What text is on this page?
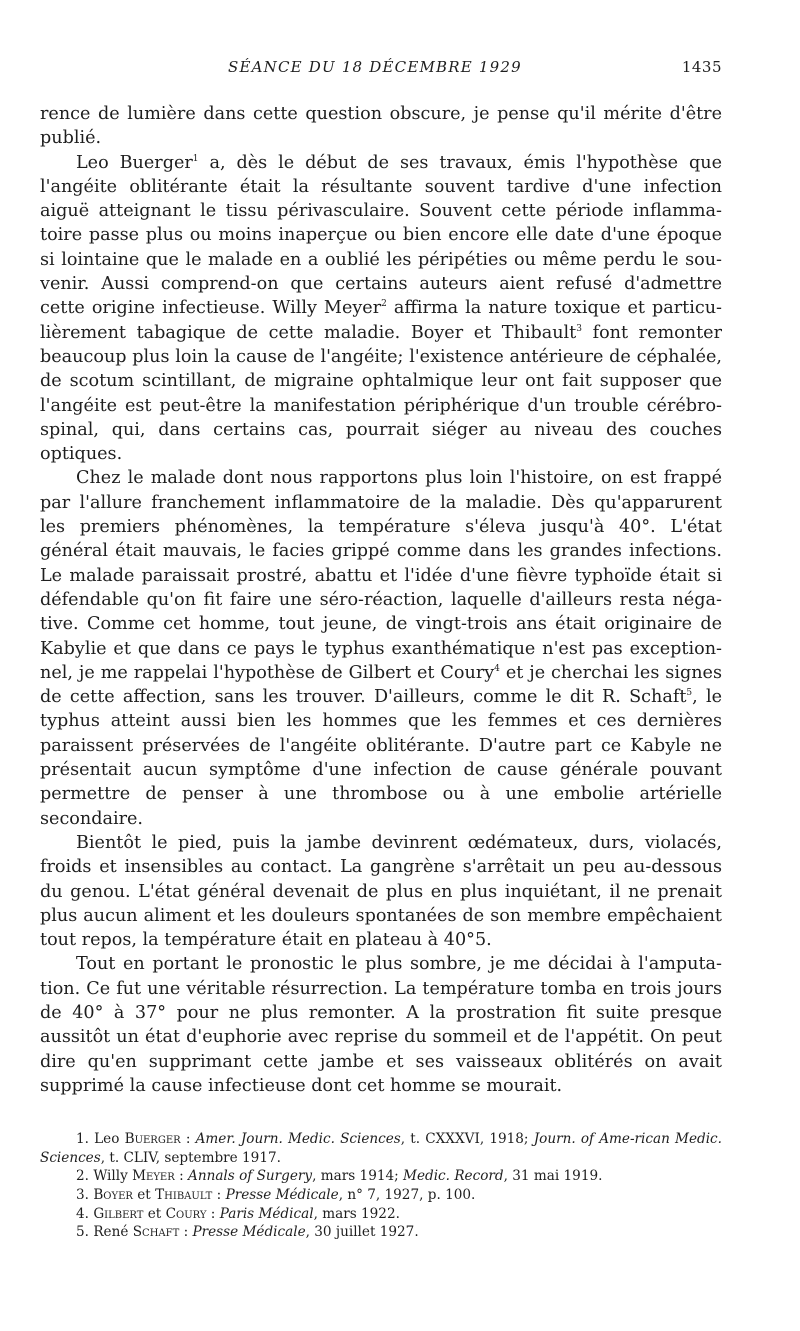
SÉANCE DU 18 DÉCEMBRE 1929	1435

rence de lumière dans cette question obscure, je pense qu'il mérite d'être publié.

Leo Buerger$^1$ a, dès le début de ses travaux, émis l'hypothèse que l'angéite oblitérante était la résultante souvent tardive d'une infection aiguë atteignant le tissu périvasculaire. Souvent cette période inflamma-toire passe plus ou moins inaperçue ou bien encore elle date d'une époque si lointaine que le malade en a oublié les péripéties ou même perdu le sou-venir. Aussi comprend-on que certains auteurs aient refusé d'admettre cette origine infectieuse. Willy Meyer$^2$ affirma la nature toxique et particu-lièrement tabagique de cette maladie. Boyer et Thibault$^3$ font remonter beaucoup plus loin la cause de l'angéite; l'existence antérieure de céphalée, de scotum scintillant, de migraine ophtalmique leur ont fait supposer que l'angéite est peut-être la manifestation périphérique d'un trouble cérébro-spinal, qui, dans certains cas, pourrait siéger au niveau des couches optiques.

Chez le malade dont nous rapportons plus loin l'histoire, on est frappé par l'allure franchement inflammatoire de la maladie. Dès qu'apparurent les premiers phénomènes, la température s'éleva jusqu'à 40°. L'état général était mauvais, le facies grippé comme dans les grandes infections. Le malade paraissait prostré, abattu et l'idée d'une fièvre typhoïde était si défendable qu'on fit faire une séro-réaction, laquelle d'ailleurs resta néga-tive. Comme cet homme, tout jeune, de vingt-trois ans était originaire de Kabylie et que dans ce pays le typhus exanthématique n'est pas exception-nel, je me rappelai l'hypothèse de Gilbert et Coury$^4$ et je cherchai les signes de cette affection, sans les trouver. D'ailleurs, comme le dit R. Schaft$^5$, le typhus atteint aussi bien les hommes que les femmes et ces dernières paraissent préservées de l'angéite oblitérante. D'autre part ce Kabyle ne présentait aucun symptôme d'une infection de cause générale pouvant permettre de penser à une thrombose ou à une embolie artérielle secondaire.

Bientôt le pied, puis la jambe devinrent œdémateux, durs, violacés, froids et insensibles au contact. La gangrène s'arrêtait un peu au-dessous du genou. L'état général devenait de plus en plus inquiétant, il ne prenait plus aucun aliment et les douleurs spontanées de son membre empêchaient tout repos, la température était en plateau à 40°5.

Tout en portant le pronostic le plus sombre, je me décidai à l'amputa-tion. Ce fut une véritable résurrection. La température tomba en trois jours de 40° à 37° pour ne plus remonter. A la prostration fit suite presque aussitôt un état d'euphorie avec reprise du sommeil et de l'appétit. On peut dire qu'en supprimant cette jambe et ses vaisseaux oblitérés on avait supprimé la cause infectieuse dont cet homme se mourait.

1. Leo Buerger : Amer. Journ. Medic. Sciences, t. CXXXVI, 1918; Journ. of Ame-rican Medic. Sciences, t. CLIV, septembre 1917.

2. Willy Meyer : Annals of Surgery, mars 1914; Medic. Record, 31 mai 1919.

3. Boyer et Thibault : Presse Médicale, n° 7, 1927, p. 100.

4. Gilbert et Coury : Paris Médical, mars 1922.

5. René Schaft : Presse Médicale, 30 juillet 1927.
